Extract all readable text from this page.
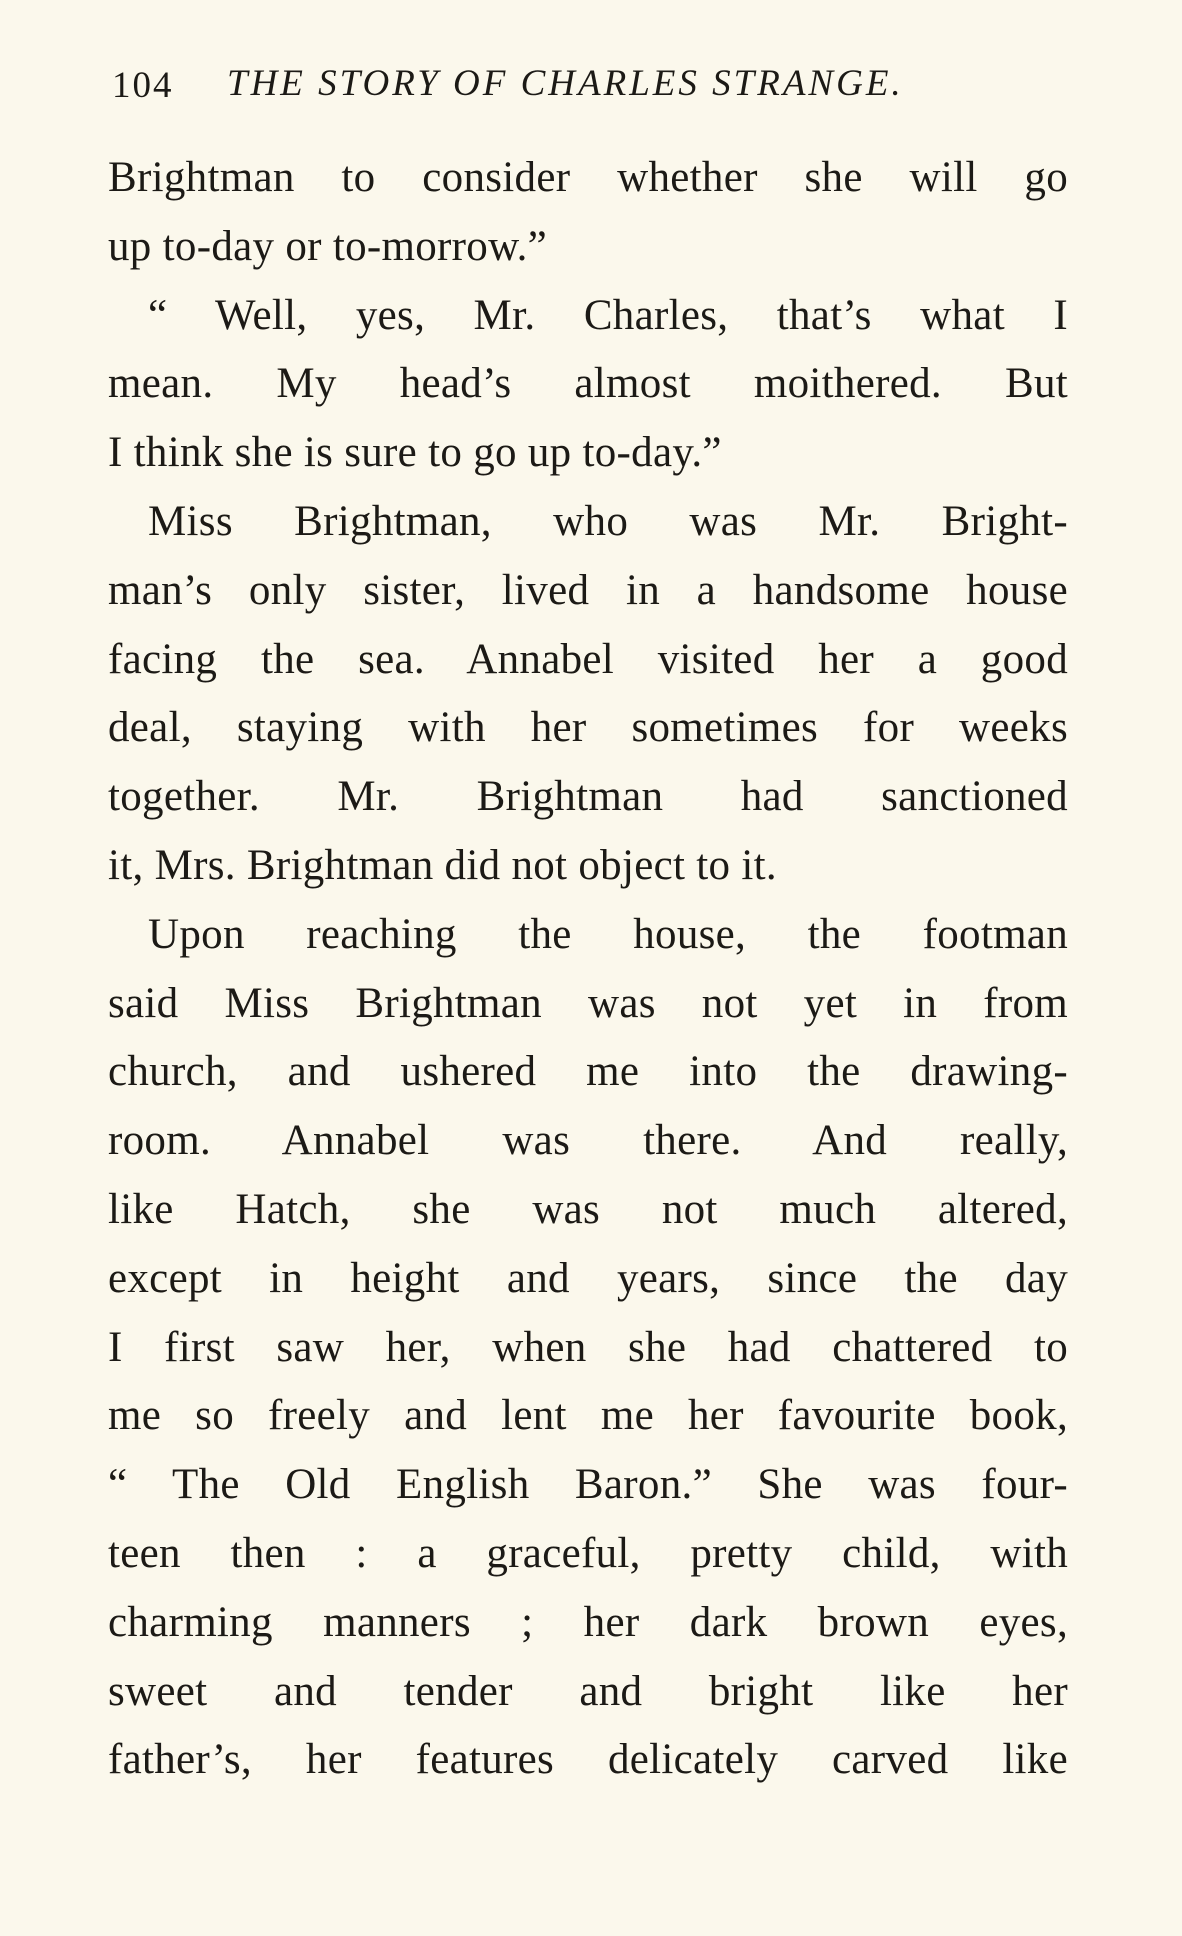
104 THE STORY OF CHARLES STRANGE.
Brightman to consider whether she will go
up to-day or to-morrow.”
“ Well, yes, Mr. Charles, that’s what I
mean. My head’s almost moithered. But
I think she is sure to go up to-day.”
Miss Brightman, who was Mr. Bright-
man’s only sister, lived in a handsome house
facing the sea. Annabel visited her a good
deal, staying with her sometimes for weeks
together. Mr. Brightman had sanctioned
it, Mrs. Brightman did not object to it.
Upon reaching the house, the footman
said Miss Brightman was not yet in from
church, and ushered me into the drawing-
room. Annabel was there. And really,
like Hatch, she was not much altered,
except in height and years, since the day
I first saw her, when she had chattered to
me so freely and lent me her favourite book,
“ The Old English Baron.” She was four-
teen then : a graceful, pretty child, with
charming manners ; her dark brown eyes,
sweet and tender and bright like her
father’s, her features delicately carved like
